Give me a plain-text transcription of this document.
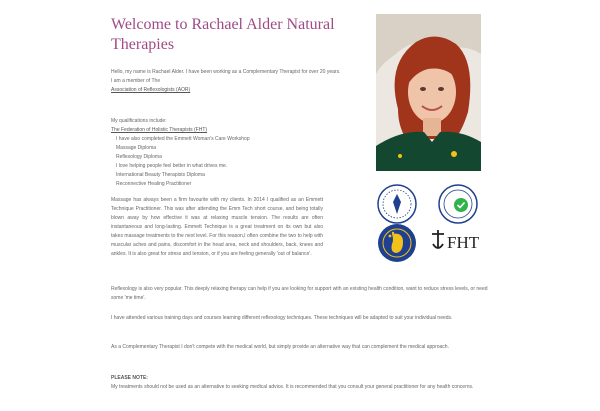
Welcome to Rachael Alder Natural Therapies

Hello, my name is Rachael Alder. I have been working as a Complementary Therapist for over 20 years. I am a member of The
Association of Reflexologists (AOR)

My qualifications include:
The Federation of Holistic Therapists (FHT)
I have also completed the Emmett Woman's Care Workshop
Massage Diploma
Reflexology Diploma
I love helping people feel better in what drives me.
International Beauty Therapists Diploma
Reconnective Healing Practitioner

Massage has always been a firm favourite with my clients. In 2014 I qualified as an Emmett Technique Practitioner. This was after attending the Emm Tech short course, and being totally blown away by how effective it was at relaxing muscle tension. The results are often instantaneous and long-lasting. Emmett Technique is a great treatment on its own but also takes massage treatments to the next level. For this reason,I often combine the two to help with muscular aches and pains, discomfort in the head area, neck and shoulders, back, knees and ankles. It is also great for stress and tension, or if you are feeling generally 'out of balance'.

Reflexology is also very popular. This deeply relaxing therapy can help if you are looking for support with an existing health condition, want to reduce stress levels, or need some 'me time'.

I have attended various training days and courses learning different reflexology techniques. These techniques will be adapted to suit your individual needs.

As a Complementary Therapist I don't compete with the medical world, but simply provide an alternative way that can complement the medical approach.

PLEASE NOTE:

My treatments should not be used as an alternative to seeking medical advice. It is recommended that you consult your general practitioner for any health concerns.

FHT
